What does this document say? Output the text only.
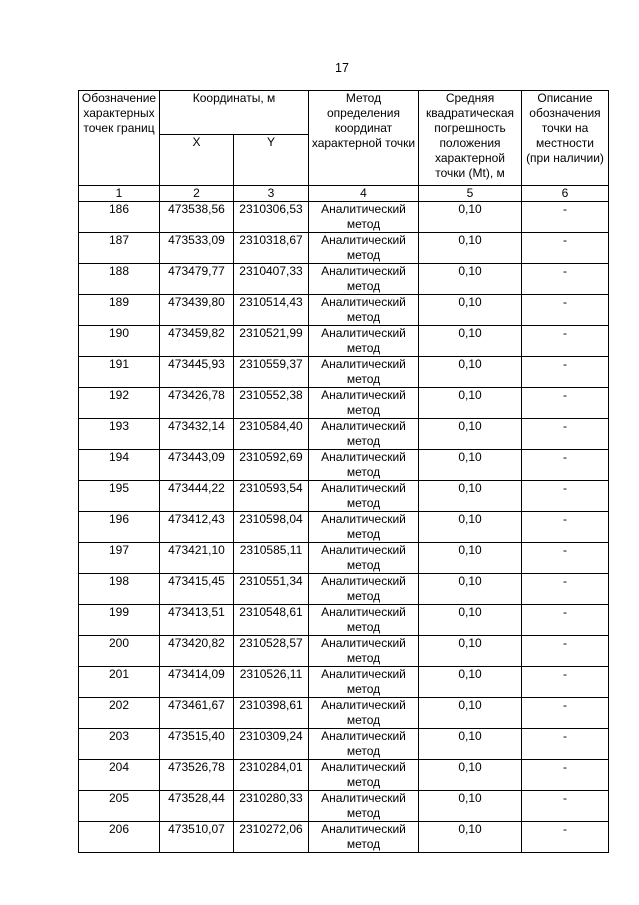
17
Обозначение характерных точек границ	Координаты, м		Метод определения координат характерной точки	Средняя квадратическая погрешность положения характерной точки (Mt), м	Описание обозначения точки на местности (при наличии)
	X	Y			
1	2	3	4	5	6
186	473538,56	2310306,53	Аналитический метод	0,10	-
187	473533,09	2310318,67	Аналитический метод	0,10	-
188	473479,77	2310407,33	Аналитический метод	0,10	-
189	473439,80	2310514,43	Аналитический метод	0,10	-
190	473459,82	2310521,99	Аналитический метод	0,10	-
191	473445,93	2310559,37	Аналитический метод	0,10	-
192	473426,78	2310552,38	Аналитический метод	0,10	-
193	473432,14	2310584,40	Аналитический метод	0,10	-
194	473443,09	2310592,69	Аналитический метод	0,10	-
195	473444,22	2310593,54	Аналитический метод	0,10	-
196	473412,43	2310598,04	Аналитический метод	0,10	-
197	473421,10	2310585,11	Аналитический метод	0,10	-
198	473415,45	2310551,34	Аналитический метод	0,10	-
199	473413,51	2310548,61	Аналитический метод	0,10	-
200	473420,82	2310528,57	Аналитический метод	0,10	-
201	473414,09	2310526,11	Аналитический метод	0,10	-
202	473461,67	2310398,61	Аналитический метод	0,10	-
203	473515,40	2310309,24	Аналитический метод	0,10	-
204	473526,78	2310284,01	Аналитический метод	0,10	-
205	473528,44	2310280,33	Аналитический метод	0,10	-
206	473510,07	2310272,06	Аналитический метод	0,10	-
